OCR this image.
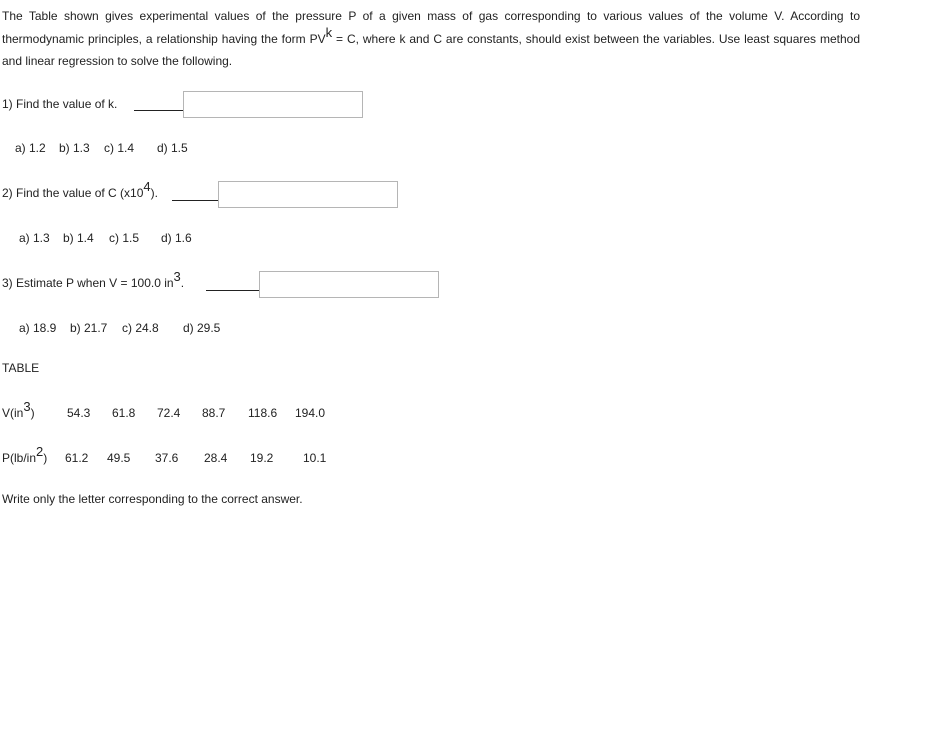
The Table shown gives experimental values of the pressure P of a given mass of gas corresponding to various values of the volume V. According to thermodynamic principles, a relationship having the form $PV^k = C$, where k and C are constants, should exist between the variables. Use least squares method and linear regression to solve the following.
1) Find the value of k.
a) 1.2 b) 1.3 c) 1.4 d) 1.5
2) Find the value of C $(x10^4)$.
a) 1.3 b) 1.4 c) 1.5 d) 1.6
3) Estimate P when V = 100.0 $in^3$.
a) 18.9 b) 21.7 c) 24.8 d) 29.5
TABLE
$V(in^3)$	54.3 61.8 72.4 88.7 118.6 194.0
$P(lb/in^2)$ 61.2 49.5 37.6 28.4 19.2 10.1
Write only the letter corresponding to the correct answer.
